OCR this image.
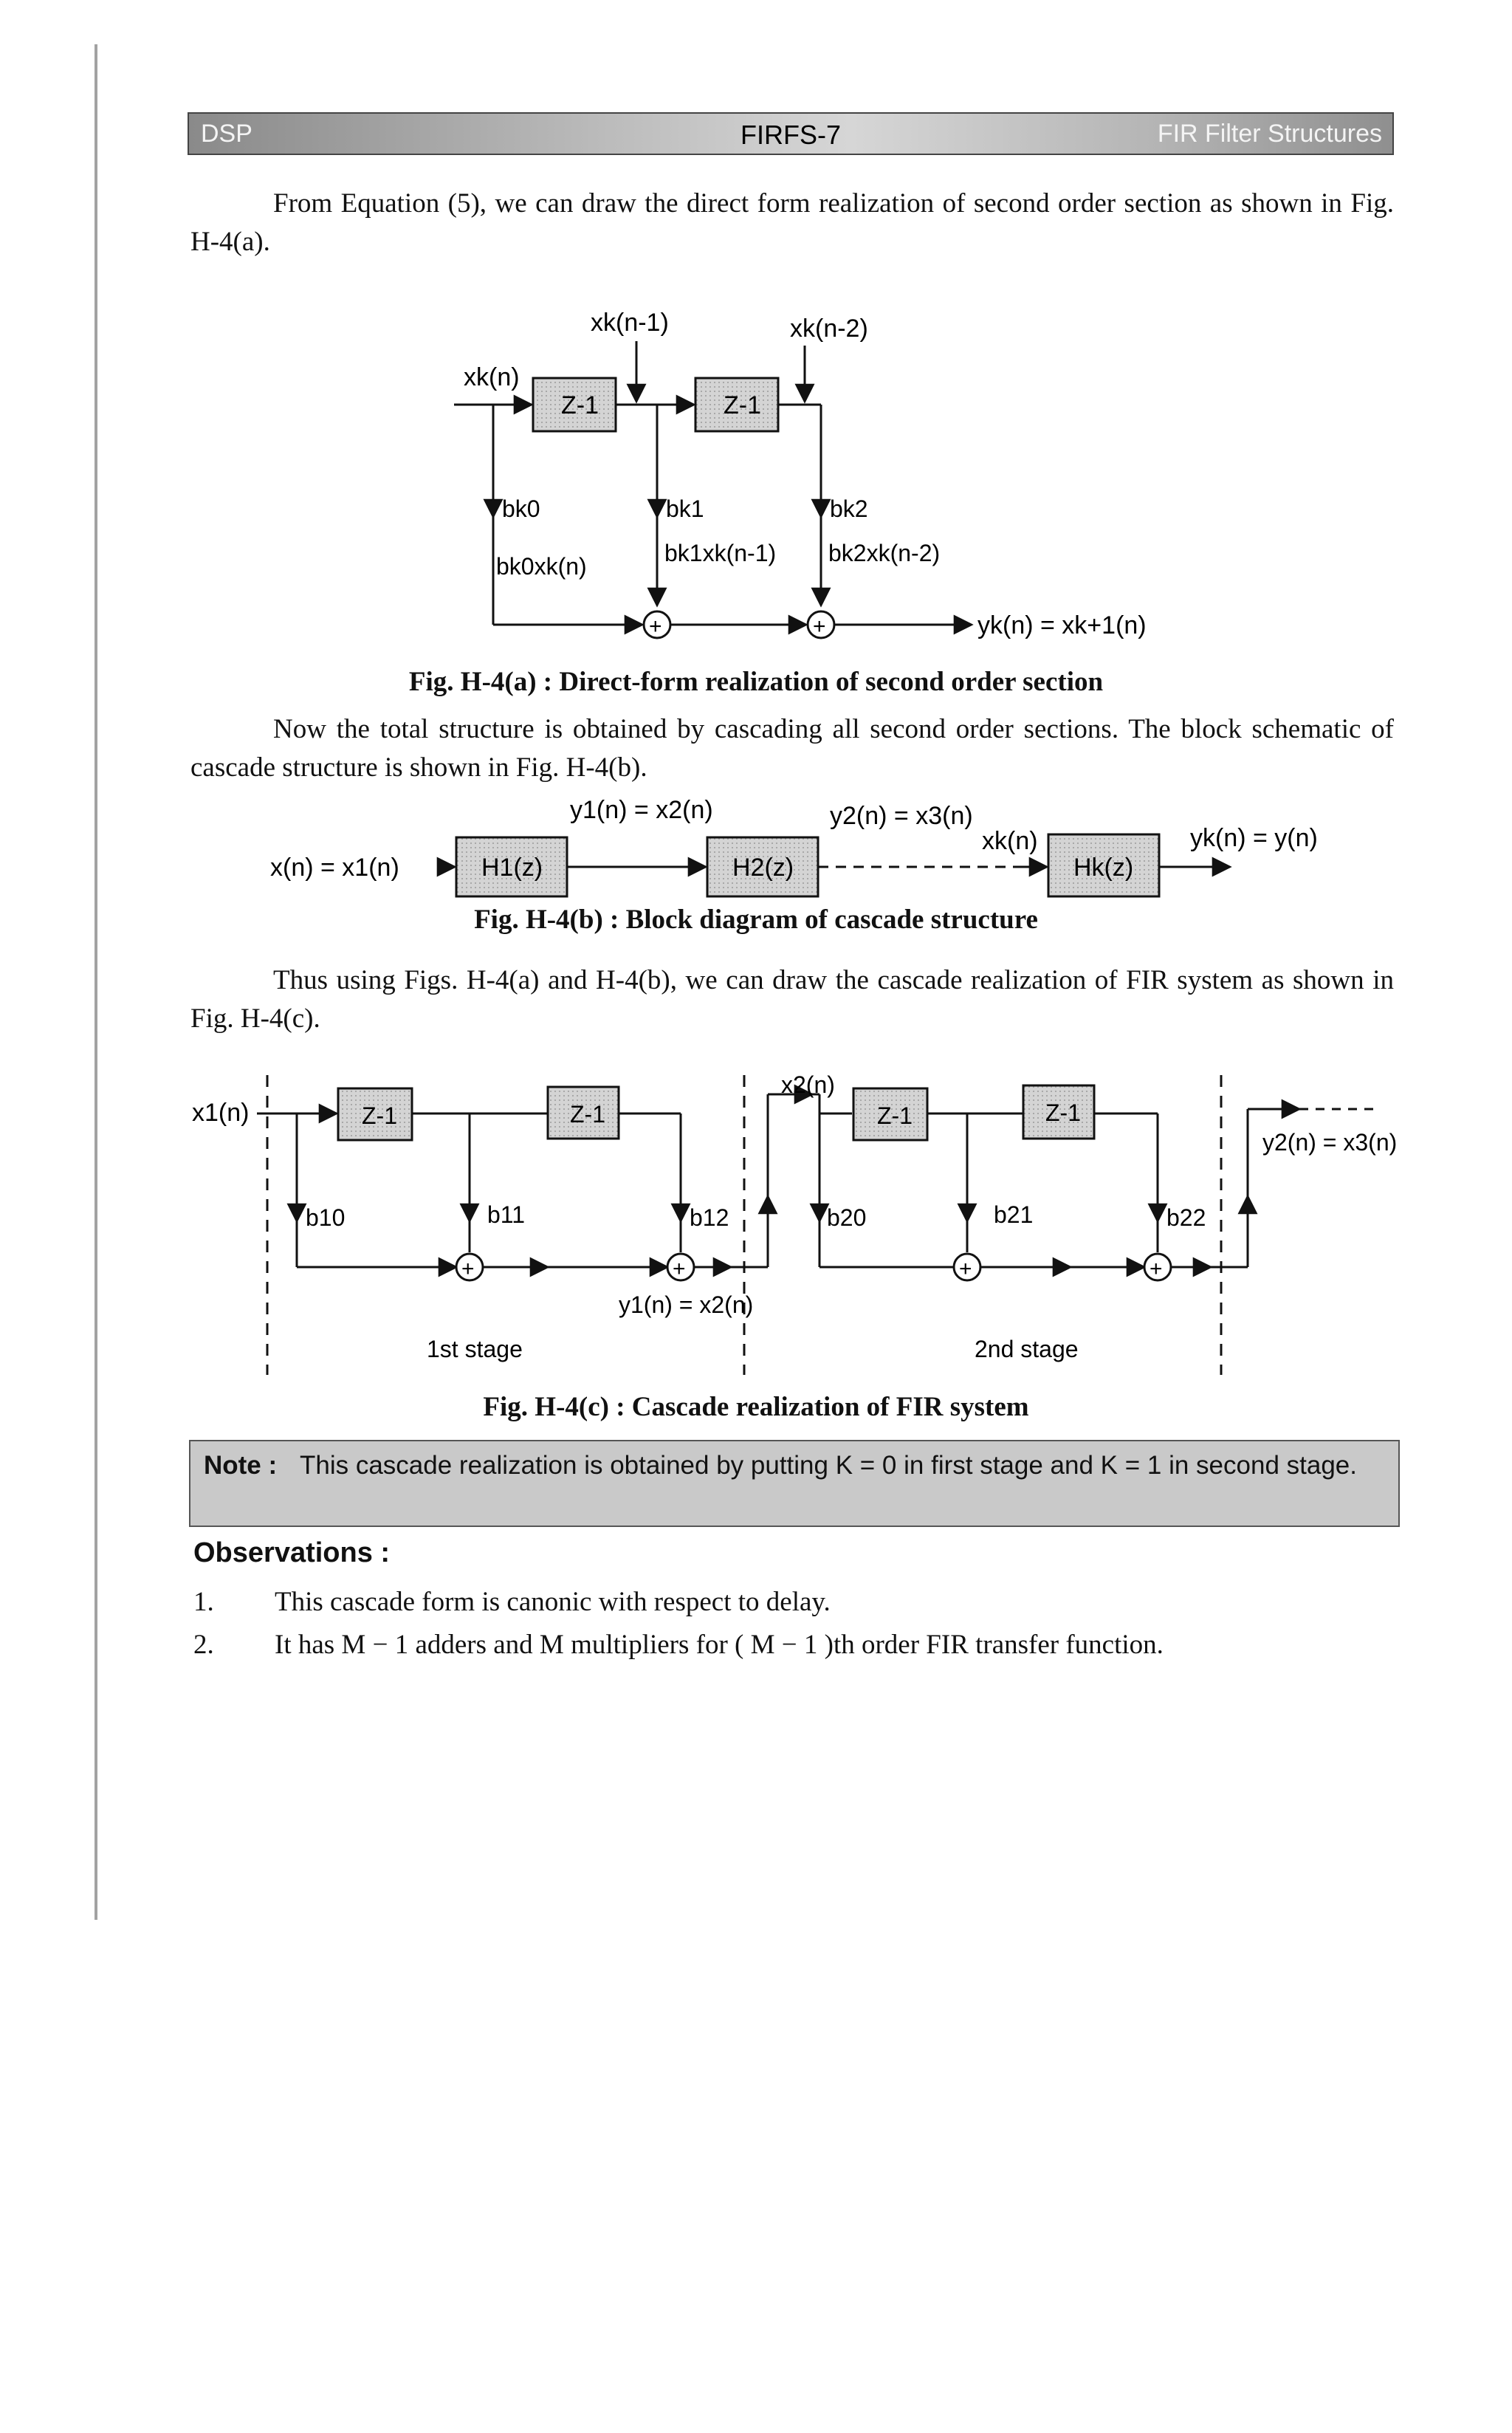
DSP	FIRFS-7	FIR Filter Structures

From Equation (5), we can draw the direct form realization of second order section as shown in Fig. H-4(a).

xk(n)
Z-1	Z-1
xk(n-1)	xk(n-2)
bk0	bk1	bk2
bk0xk(n)	bk1xk(n-1) bk2xk(n-2)
+	+	yk(n) = xk+1(n)
Fig. H-4(a) : Direct-form realization of second order section

Now the total structure is obtained by cascading all second order sections. The block schematic of cascade structure is shown in Fig. H-4(b).

x(n) = x1(n)	H1(z)
y1(n) = x2(n)
H2(z)
y2(n) = x3(n)
xk(n)
Hk(z)
yk(n) = y(n)
Fig. H-4(b) : Block diagram of cascade structure

Thus using Figs. H-4(a) and H-4(b), we can draw the cascade realization of FIR system as shown in Fig. H-4(c).

x1(n)	Z-1	Z-1
b10	b11	b12
+	+
y1(n) = x2(n)
x2(n)
1st stage
Z-1	Z-1
b20	b21	b22
+	+
y2(n) = x3(n)
2nd stage
Fig. H-4(c) : Cascade realization of FIR system
Note : This cascade realization is obtained by putting K = 0 in first stage and K = 1 in second stage.
Observations :
1. This cascade form is canonic with respect to delay.
2. It has M − 1 adders and M multipliers for ( M − 1 )th order FIR transfer function.
